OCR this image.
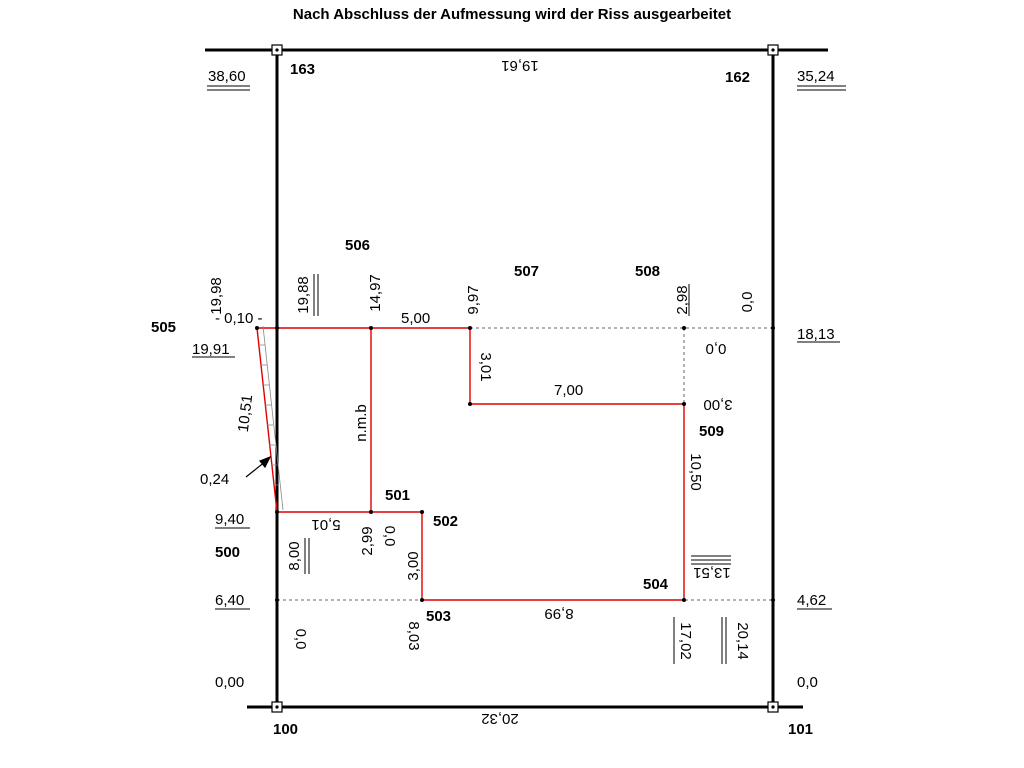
Nach Abschluss der Aufmessung wird der Riss ausgearbeitet
163	162
100	101
505
506
507	508
509
500
501
502
503
504
38,60	35,24
- 0,10 -	5,00
18,13
19,91
7,00
0,24
9,40
6,40	4,62
0,00	0,0
19,61
0,0
3,00
5,01
13,51
8,99
20,32
19,98	19,88	14,97	9,97	2,98	0,0
10,51	n.m.b
2,99
8,00	3,00
3,01
10,50
0,0
8,03
0,0	17,02	20,14
